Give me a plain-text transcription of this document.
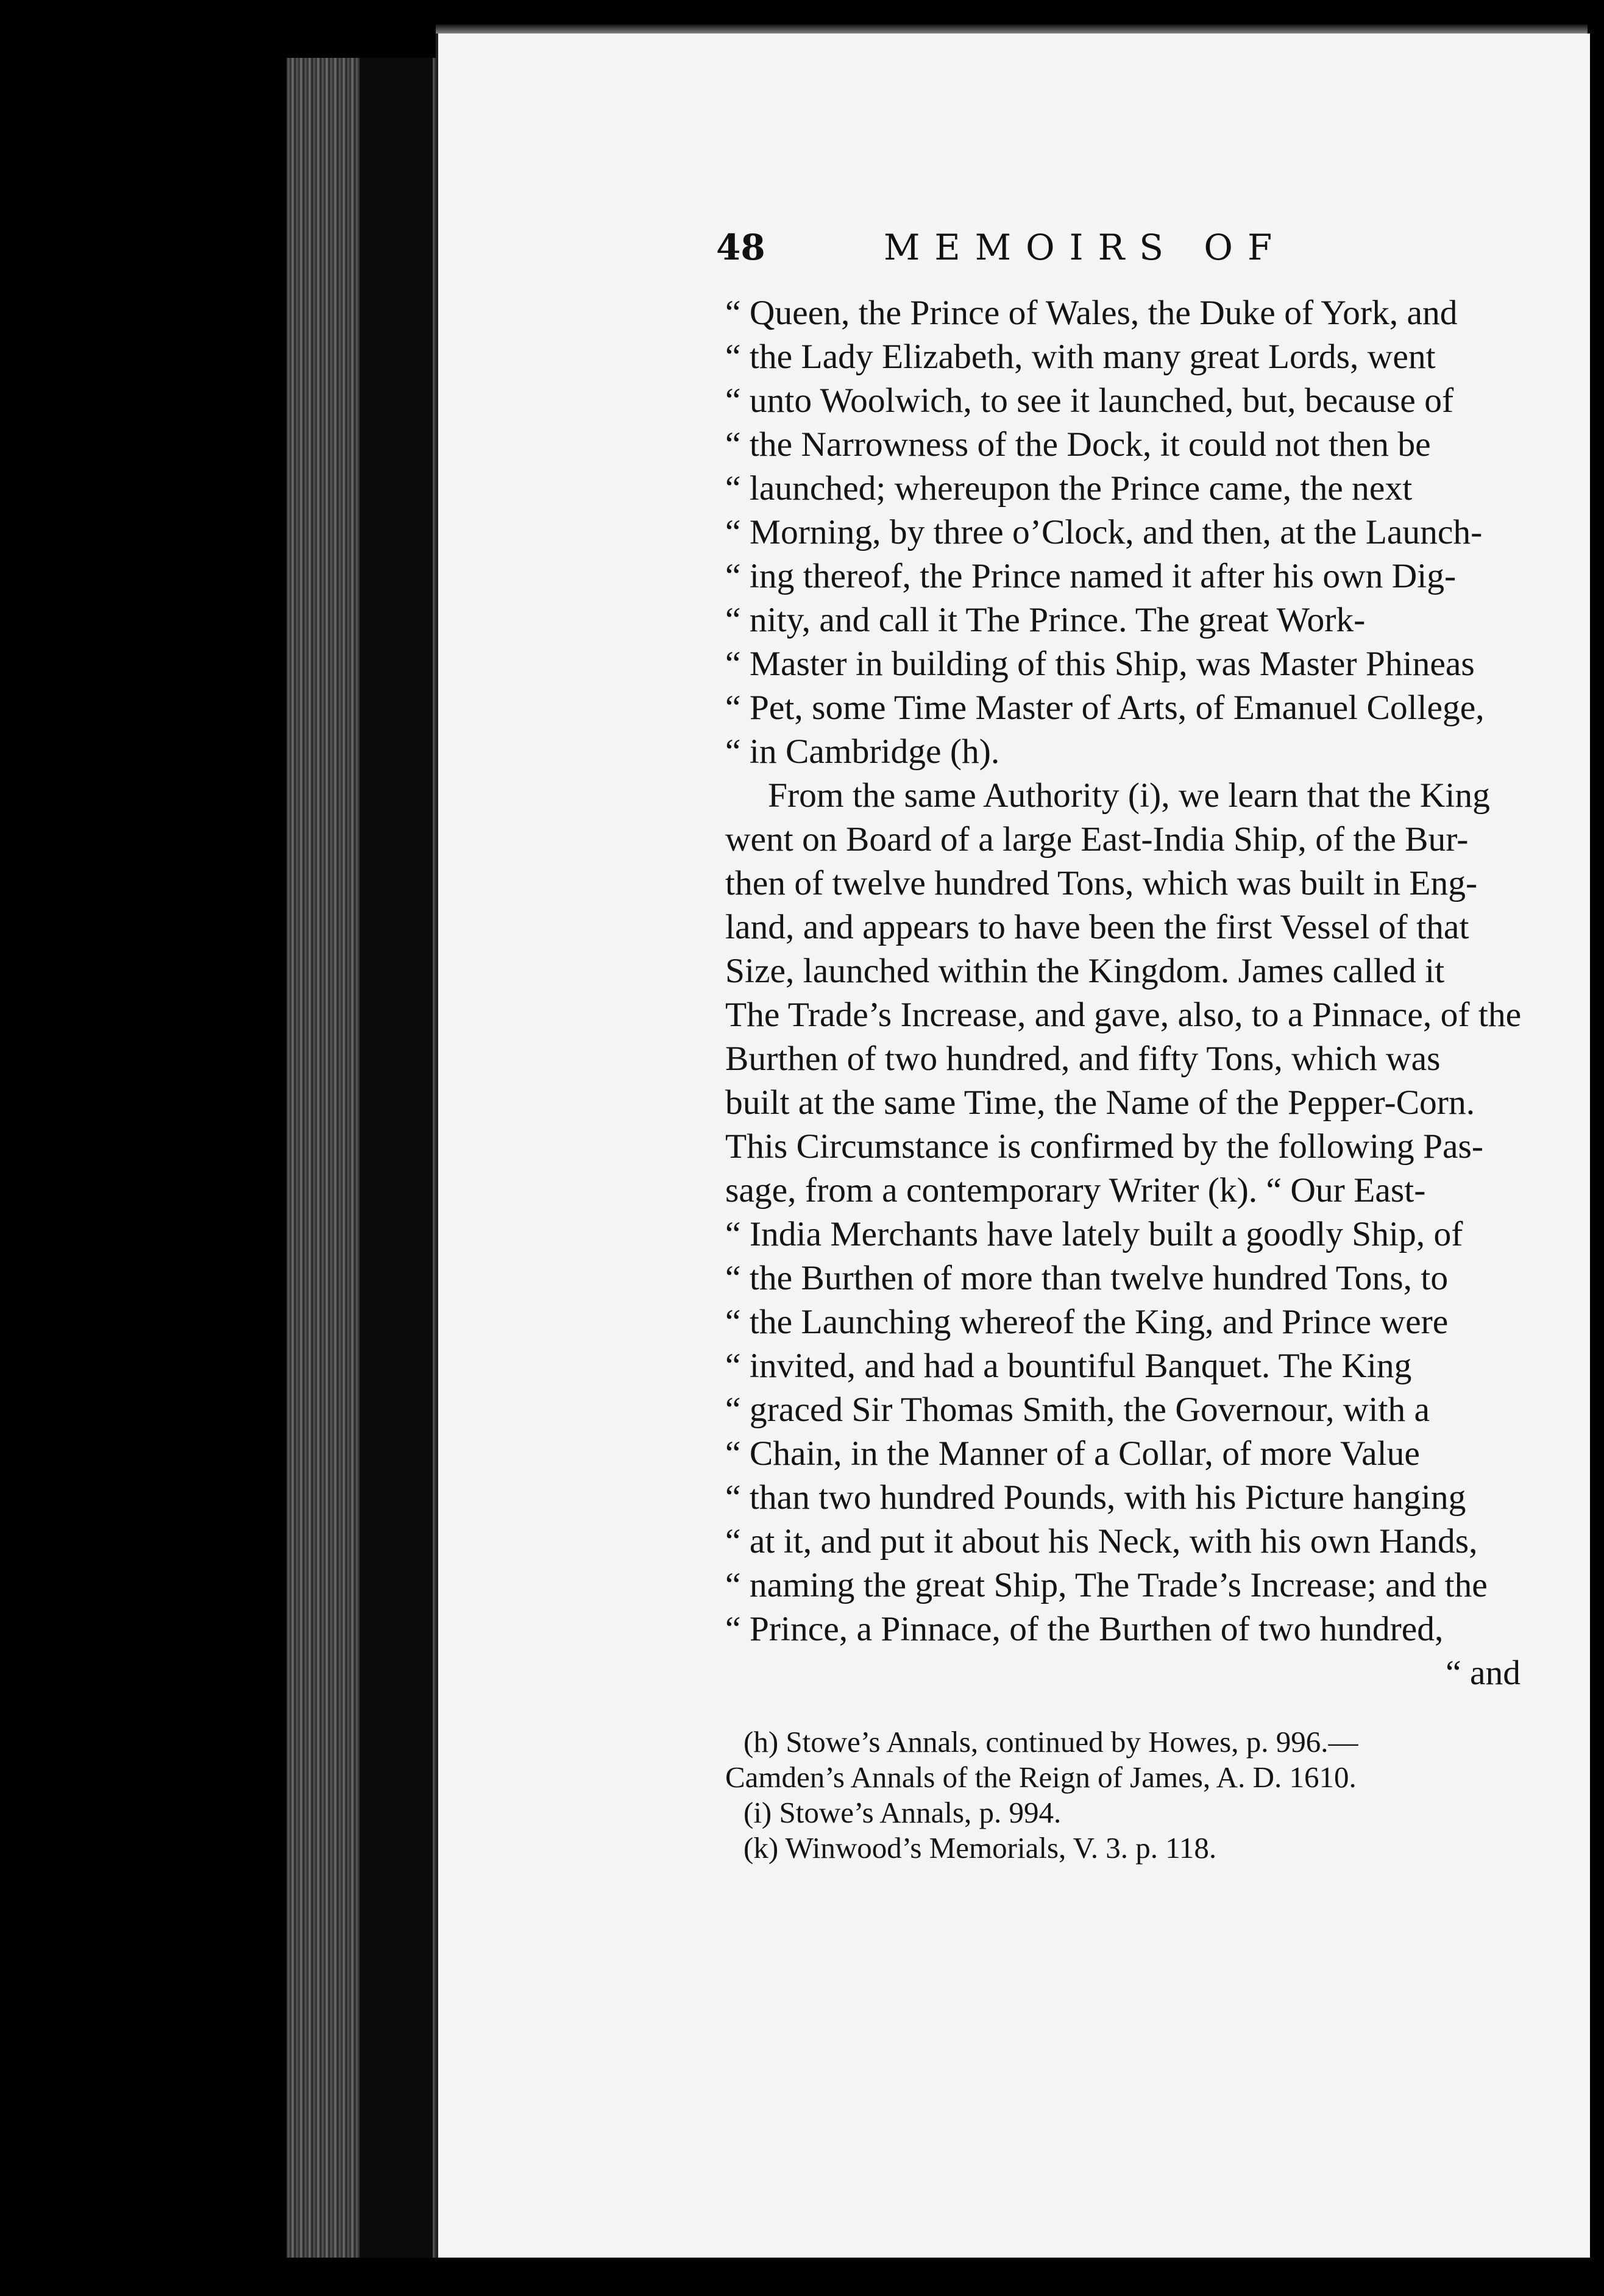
48	MEMOIRS OF
“ Queen, the Prince of Wales, the Duke of York, and
“ the Lady Elizabeth, with many great Lords, went
“ unto Woolwich, to see it launched, but, because of
“ the Narrowness of the Dock, it could not then be
“ launched; whereupon the Prince came, the next
“ Morning, by three o’Clock, and then, at the Launch-
“ ing thereof, the Prince named it after his own Dig-
“ nity, and call it The Prince. The great Work-
“ Master in building of this Ship, was Master Phineas
“ Pet, some Time Master of Arts, of Emanuel College,
“ in Cambridge (h).
From the same Authority (i), we learn that the King
went on Board of a large East-India Ship, of the Bur-
then of twelve hundred Tons, which was built in Eng-
land, and appears to have been the first Vessel of that
Size, launched within the Kingdom. James called it
The Trade’s Increase, and gave, also, to a Pinnace, of the
Burthen of two hundred, and fifty Tons, which was
built at the same Time, the Name of the Pepper-Corn.
This Circumstance is confirmed by the following Pas-
sage, from a contemporary Writer (k). “ Our East-
“ India Merchants have lately built a goodly Ship, of
“ the Burthen of more than twelve hundred Tons, to
“ the Launching whereof the King, and Prince were
“ invited, and had a bountiful Banquet. The King
“ graced Sir Thomas Smith, the Governour, with a
“ Chain, in the Manner of a Collar, of more Value
“ than two hundred Pounds, with his Picture hanging
“ at it, and put it about his Neck, with his own Hands,
“ naming the great Ship, The Trade’s Increase; and the
“ Prince, a Pinnace, of the Burthen of two hundred,
“ and
(h) Stowe’s Annals, continued by Howes, p. 996.—
Camden’s Annals of the Reign of James, A. D. 1610.
(i) Stowe’s Annals, p. 994.
(k) Winwood’s Memorials, V. 3. p. 118.
